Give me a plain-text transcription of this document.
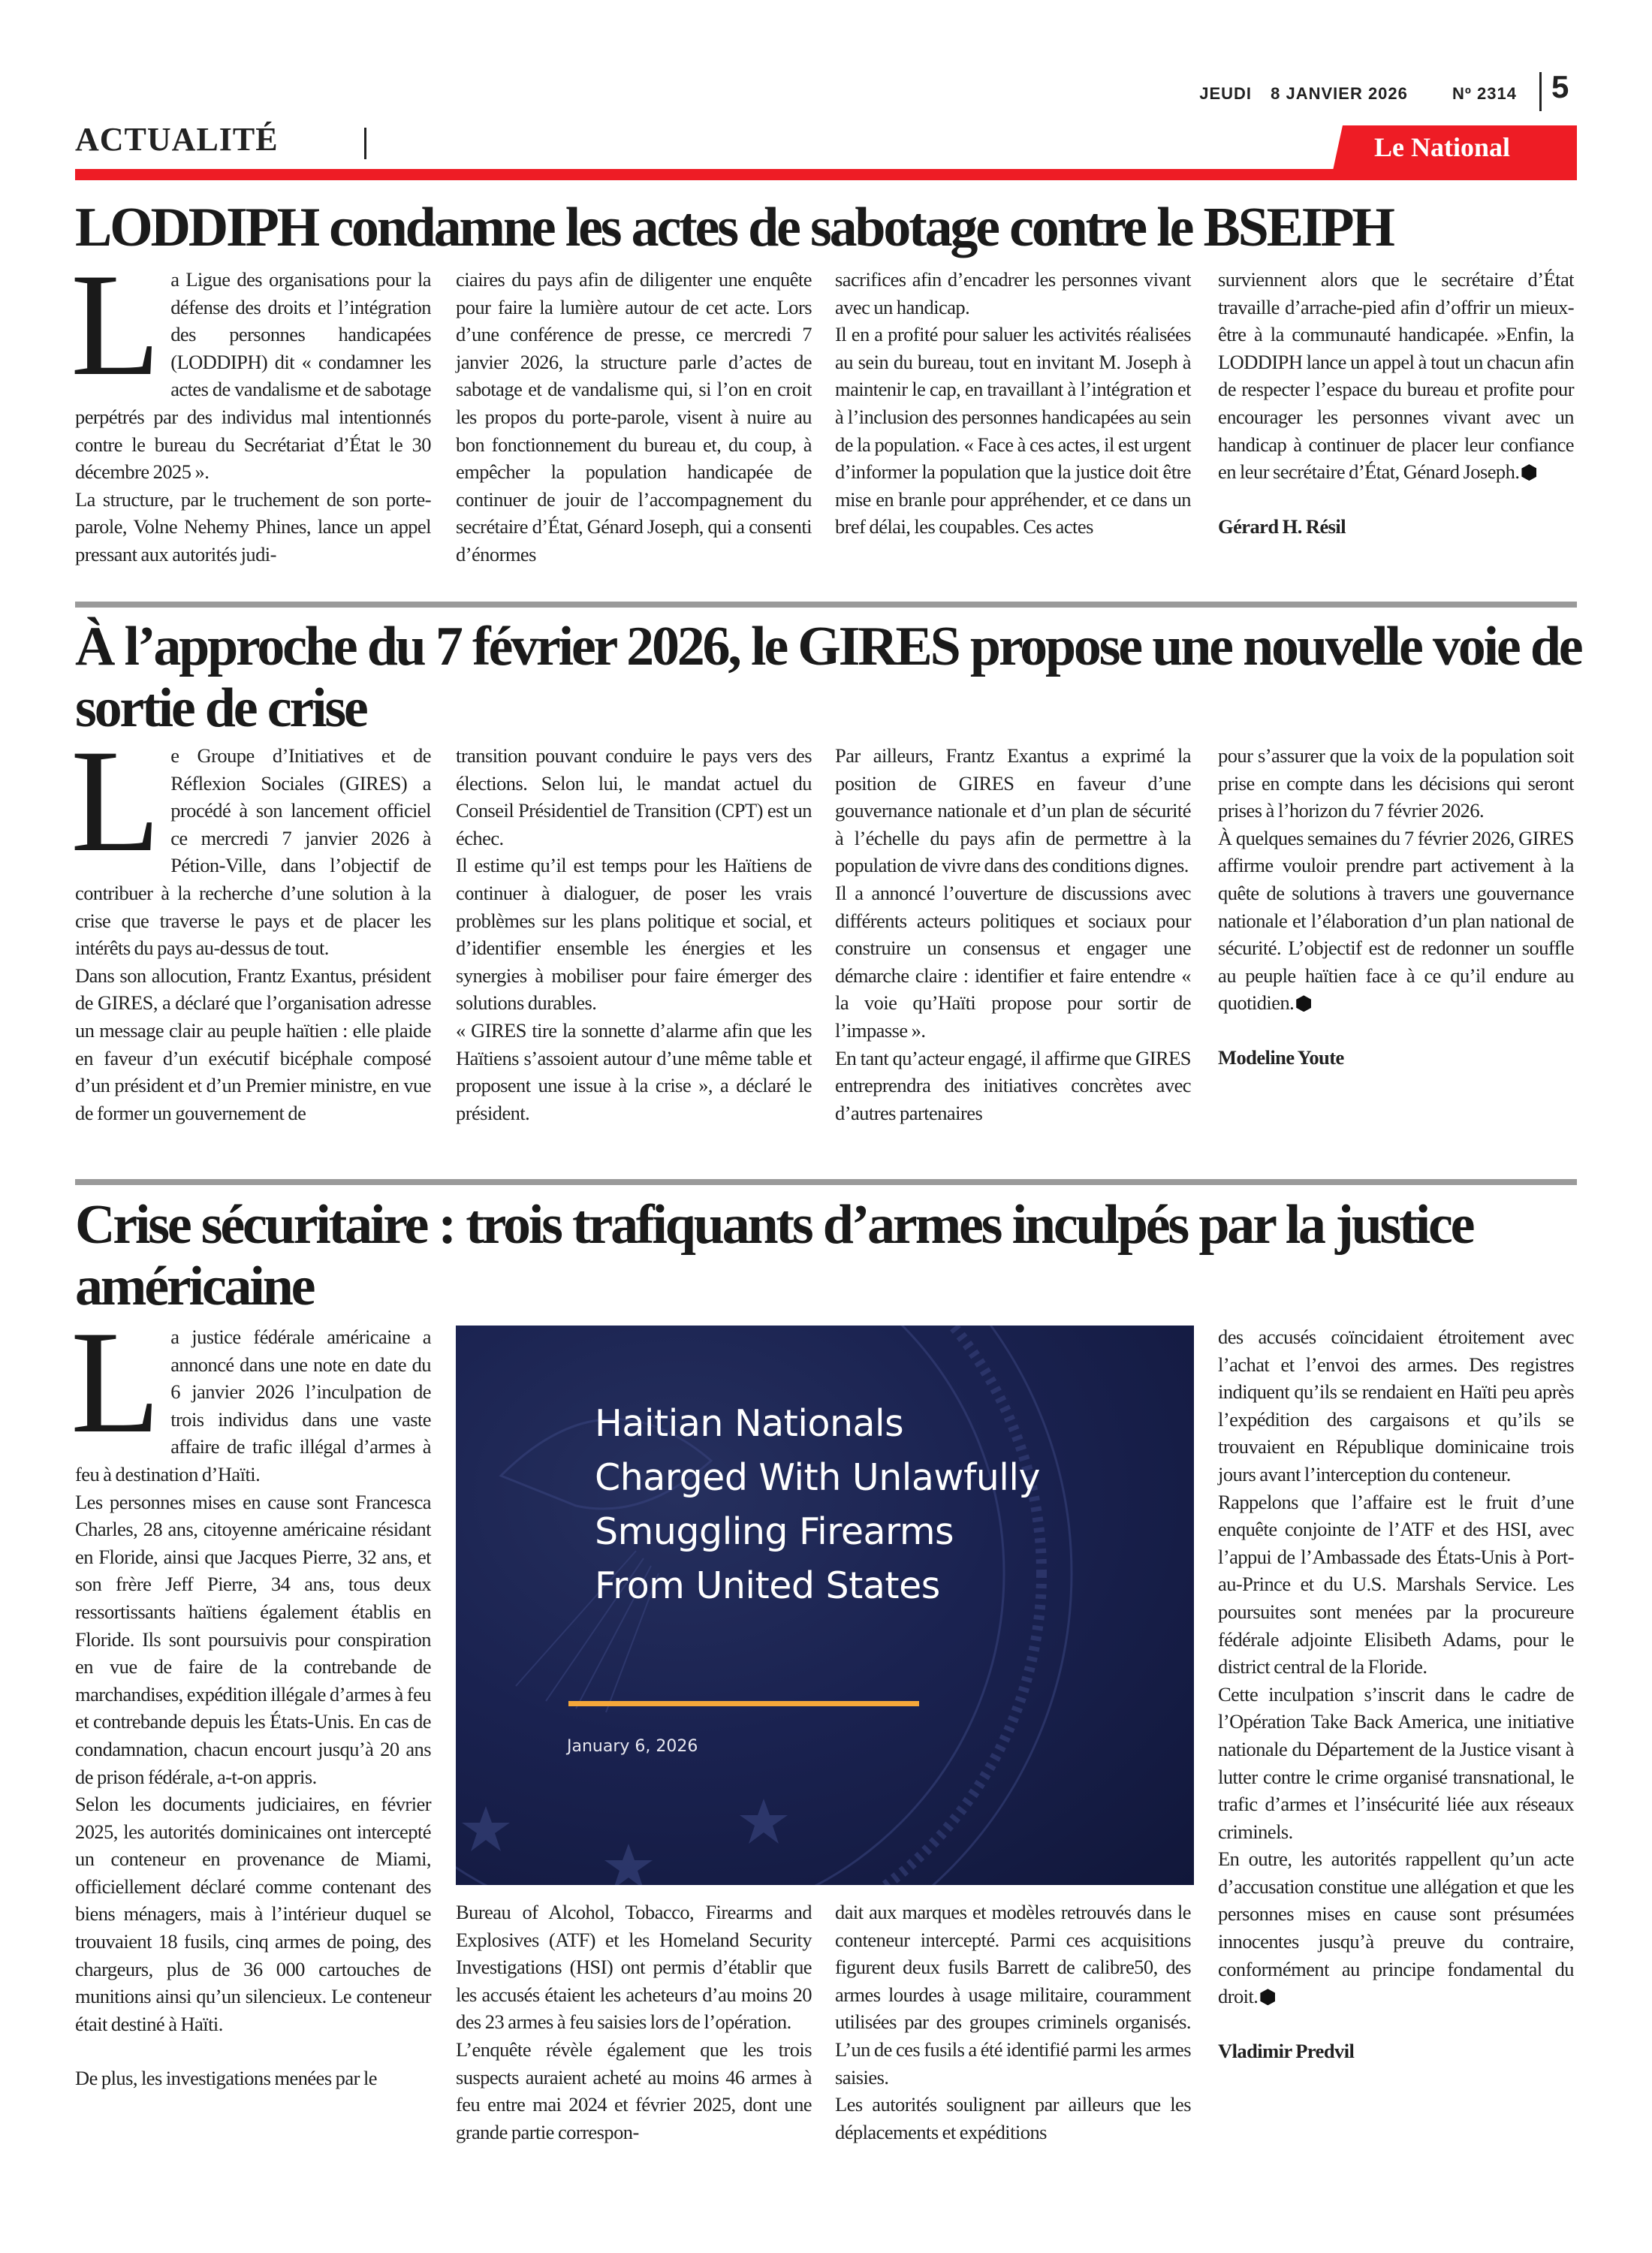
JEUDI 8 JANVIER 2026	Nº 2314 5
ACTUALITÉ	Le National
LODDIPH condamne les actes de sabotage contre le BSEIPH

La Ligue des organisations pour la défense des droits et l’intégration des personnes handicapées (LODDIPH) dit « condamner les actes de vandalisme et de sabotage perpétrés par des individus mal intentionnés contre le bureau du Secrétariat d’État le 30 décembre 2025 ».

La structure, par le truchement de son porte-parole, Volne Nehemy Phines, lance un appel pressant aux autorités judi-

ciaires du pays afin de diligenter une enquête pour faire la lumière autour de cet acte. Lors d’une conférence de presse, ce mercredi 7 janvier 2026, la structure parle d’actes de sabotage et de vandalisme qui, si l’on en croit les propos du porte-parole, visent à nuire au bon fonctionnement du bureau et, du coup, à empêcher la population handicapée de continuer de jouir de l’accompagnement du secrétaire d’État, Génard Joseph, qui a consenti d’énormes

sacrifices afin d’encadrer les personnes vivant avec un handicap.

Il en a profité pour saluer les activités réalisées au sein du bureau, tout en invitant M. Joseph à maintenir le cap, en travaillant à l’intégration et à l’inclusion des personnes handicapées au sein de la population. « Face à ces actes, il est urgent d’informer la population que la justice doit être mise en branle pour appréhender, et ce dans un bref délai, les coupables. Ces actes

surviennent alors que le secrétaire d’État travaille d’arrache-pied afin d’offrir un mieux-être à la communauté handicapée. »Enfin, la LODDIPH lance un appel à tout un chacun afin de respecter l’espace du bureau et profite pour encourager les personnes vivant avec un handicap à continuer de placer leur confiance en leur secrétaire d’État, Génard Joseph.

Gérard H. Résil

À l’approche du 7 février 2026, le GIRES propose une nouvelle voie de sortie de crise

Le Groupe d’Initiatives et de Réflexion Sociales (GIRES) a procédé à son lancement officiel ce mercredi 7 janvier 2026 à Pétion-Ville, dans l’objectif de contribuer à la recherche d’une solution à la crise que traverse le pays et de placer les intérêts du pays au-dessus de tout.

Dans son allocution, Frantz Exantus, président de GIRES, a déclaré que l’organisation adresse un message clair au peuple haïtien : elle plaide en faveur d’un exécutif bicéphale composé d’un président et d’un Premier ministre, en vue de former un gouvernement de

transition pouvant conduire le pays vers des élections. Selon lui, le mandat actuel du Conseil Présidentiel de Transition (CPT) est un échec.

Il estime qu’il est temps pour les Haïtiens de continuer à dialoguer, de poser les vrais problèmes sur les plans politique et social, et d’identifier ensemble les énergies et les synergies à mobiliser pour faire émerger des solutions durables.

« GIRES tire la sonnette d’alarme afin que les Haïtiens s’assoient autour d’une même table et proposent une issue à la crise », a déclaré le président.

Par ailleurs, Frantz Exantus a exprimé la position de GIRES en faveur d’une gouvernance nationale et d’un plan de sécurité à l’échelle du pays afin de permettre à la population de vivre dans des conditions dignes.

Il a annoncé l’ouverture de discussions avec différents acteurs politiques et sociaux pour construire un consensus et engager une démarche claire : identifier et faire entendre « la voie qu’Haïti propose pour sortir de l’impasse ».

En tant qu’acteur engagé, il affirme que GIRES entreprendra des initiatives concrètes avec d’autres partenaires

pour s’assurer que la voix de la population soit prise en compte dans les décisions qui seront prises à l’horizon du 7 février 2026.

À quelques semaines du 7 février 2026, GIRES affirme vouloir prendre part activement à la quête de solutions à travers une gouvernance nationale et l’élaboration d’un plan national de sécurité. L’objectif est de redonner un souffle au peuple haïtien face à ce qu’il endure au quotidien.

Modeline Youte

Crise sécuritaire : trois trafiquants d’armes inculpés par la justice américaine

La justice fédérale américaine a annoncé dans une note en date du 6 janvier 2026 l’inculpation de trois individus dans une vaste affaire de trafic illégal d’armes à feu à destination d’Haïti.

Les personnes mises en cause sont Francesca Charles, 28 ans, citoyenne américaine résidant en Floride, ainsi que Jacques Pierre, 32 ans, et son frère Jeff Pierre, 34 ans, tous deux ressortissants haïtiens également établis en Floride. Ils sont poursuivis pour conspiration en vue de faire de la contrebande de marchandises, expédition illégale d’armes à feu et contrebande depuis les États-Unis. En cas de condamnation, chacun encourt jusqu’à 20 ans de prison fédérale, a-t-on appris.

Selon les documents judiciaires, en février 2025, les autorités dominicaines ont intercepté un conteneur en provenance de Miami, officiellement déclaré comme contenant des biens ménagers, mais à l’intérieur duquel se trouvaient 18 fusils, cinq armes de poing, des chargeurs, plus de 36 000 cartouches de munitions ainsi qu’un silencieux. Le conteneur était destiné à Haïti.

De plus, les investigations menées par le

Haitian Nationals
Charged With Unlawfully
Smuggling Firearms
From United States
January 6, 2026

Bureau of Alcohol, Tobacco, Firearms and Explosives (ATF) et les Homeland Security Investigations (HSI) ont permis d’établir que les accusés étaient les acheteurs d’au moins 20 des 23 armes à feu saisies lors de l’opération.

L’enquête révèle également que les trois suspects auraient acheté au moins 46 armes à feu entre mai 2024 et février 2025, dont une grande partie correspon-

dait aux marques et modèles retrouvés dans le conteneur intercepté. Parmi ces acquisitions figurent deux fusils Barrett de calibre50, des armes lourdes à usage militaire, couramment utilisées par des groupes criminels organisés. L’un de ces fusils a été identifié parmi les armes saisies.

Les autorités soulignent par ailleurs que les déplacements et expéditions

des accusés coïncidaient étroitement avec l’achat et l’envoi des armes. Des registres indiquent qu’ils se rendaient en Haïti peu après l’expédition des cargaisons et qu’ils se trouvaient en République dominicaine trois jours avant l’interception du conteneur.

Rappelons que l’affaire est le fruit d’une enquête conjointe de l’ATF et des HSI, avec l’appui de l’Ambassade des États-Unis à Port-au-Prince et du U.S. Marshals Service. Les poursuites sont menées par la procureure fédérale adjointe Elisibeth Adams, pour le district central de la Floride.

Cette inculpation s’inscrit dans le cadre de l’Opération Take Back America, une initiative nationale du Département de la Justice visant à lutter contre le crime organisé transnational, le trafic d’armes et l’insécurité liée aux réseaux criminels.

En outre, les autorités rappellent qu’un acte d’accusation constitue une allégation et que les personnes mises en cause sont présumées innocentes jusqu’à preuve du contraire, conformément au principe fondamental du droit.

Vladimir Predvil
